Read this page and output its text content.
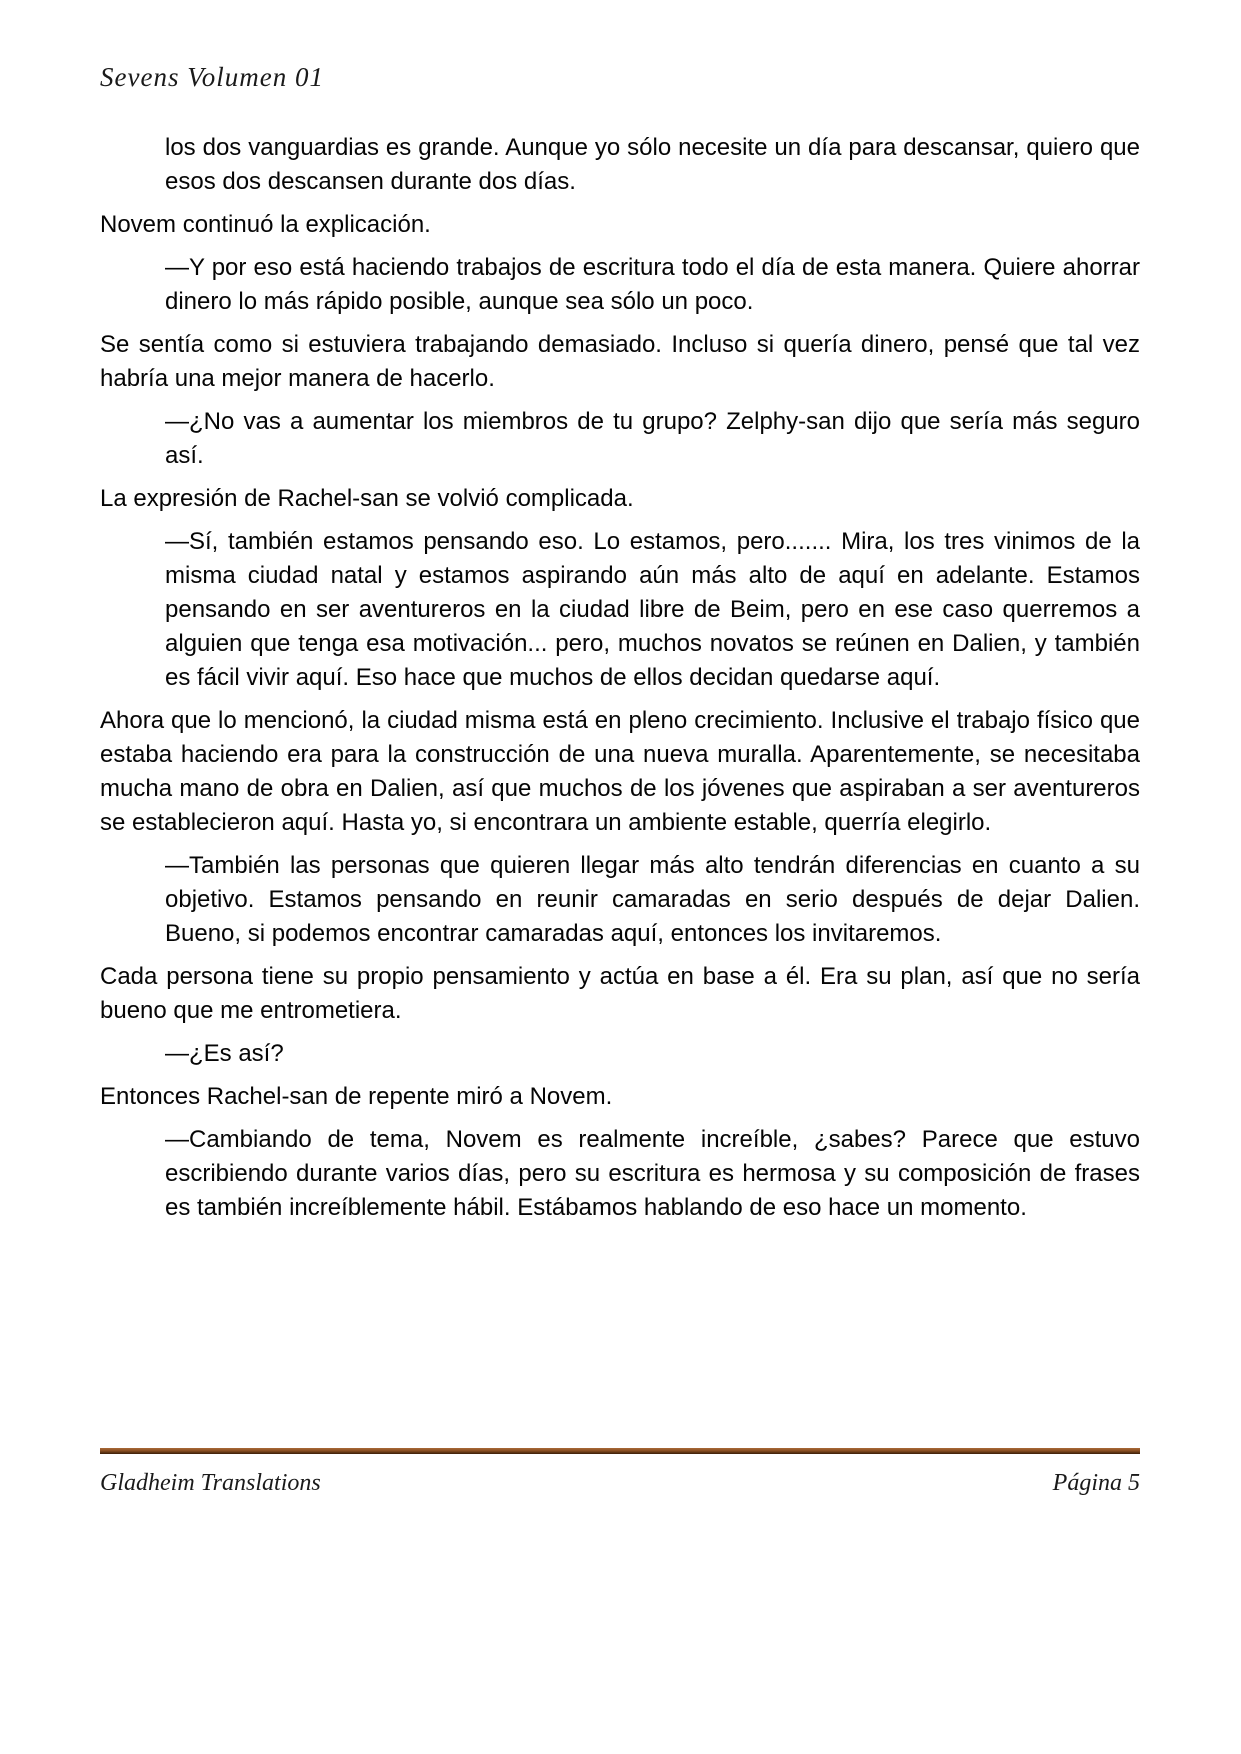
Sevens Volumen 01

los dos vanguardias es grande. Aunque yo sólo necesite un día para descansar, quiero que esos dos descansen durante dos días.

Novem continuó la explicación.

—Y por eso está haciendo trabajos de escritura todo el día de esta manera. Quiere ahorrar dinero lo más rápido posible, aunque sea sólo un poco.

Se sentía como si estuviera trabajando demasiado. Incluso si quería dinero, pensé que tal vez habría una mejor manera de hacerlo.

—¿No vas a aumentar los miembros de tu grupo? Zelphy-san dijo que sería más seguro así.

La expresión de Rachel-san se volvió complicada.

—Sí, también estamos pensando eso. Lo estamos, pero....... Mira, los tres vinimos de la misma ciudad natal y estamos aspirando aún más alto de aquí en adelante. Estamos pensando en ser aventureros en la ciudad libre de Beim, pero en ese caso querremos a alguien que tenga esa motivación... pero, muchos novatos se reúnen en Dalien, y también es fácil vivir aquí. Eso hace que muchos de ellos decidan quedarse aquí.

Ahora que lo mencionó, la ciudad misma está en pleno crecimiento. Inclusive el trabajo físico que estaba haciendo era para la construcción de una nueva muralla. Aparentemente, se necesitaba mucha mano de obra en Dalien, así que muchos de los jóvenes que aspiraban a ser aventureros se establecieron aquí. Hasta yo, si encontrara un ambiente estable, querría elegirlo.

—También las personas que quieren llegar más alto tendrán diferencias en cuanto a su objetivo. Estamos pensando en reunir camaradas en serio después de dejar Dalien. Bueno, si podemos encontrar camaradas aquí, entonces los invitaremos.

Cada persona tiene su propio pensamiento y actúa en base a él. Era su plan, así que no sería bueno que me entrometiera.

—¿Es así?

Entonces Rachel-san de repente miró a Novem.

—Cambiando de tema, Novem es realmente increíble, ¿sabes? Parece que estuvo escribiendo durante varios días, pero su escritura es hermosa y su composición de frases es también increíblemente hábil. Estábamos hablando de eso hace un momento.

Gladheim Translations	Página 5
